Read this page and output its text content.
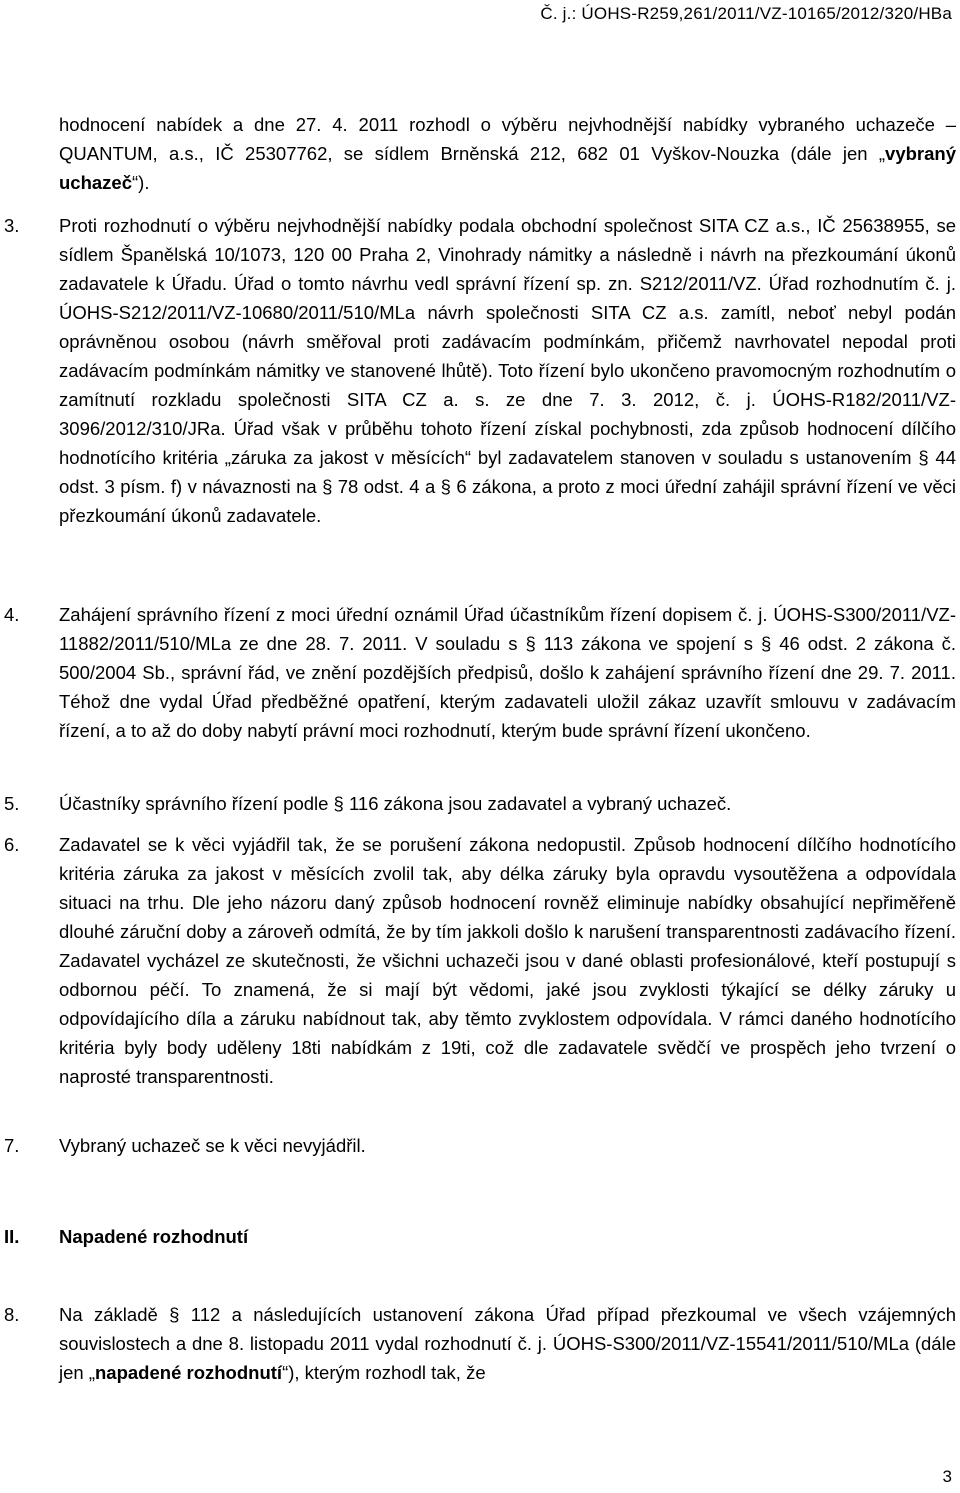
Č. j.: ÚOHS-R259,261/2011/VZ-10165/2012/320/HBa

hodnocení nabídek a dne 27. 4. 2011 rozhodl o výběru nejvhodnější nabídky vybraného uchazeče – QUANTUM, a.s., IČ 25307762, se sídlem Brněnská 212, 682 01 Vyškov-Nouzka (dále jen „vybraný uchazeč“).

3. Proti rozhodnutí o výběru nejvhodnější nabídky podala obchodní společnost SITA CZ a.s., IČ 25638955, se sídlem Španělská 10/1073, 120 00 Praha 2, Vinohrady námitky a následně i návrh na přezkoumání úkonů zadavatele k Úřadu. Úřad o tomto návrhu vedl správní řízení sp. zn. S212/2011/VZ. Úřad rozhodnutím č. j. ÚOHS-S212/2011/VZ-10680/2011/510/MLa návrh společnosti SITA CZ a.s. zamítl, neboť nebyl podán oprávněnou osobou (návrh směřoval proti zadávacím podmínkám, přičemž navrhovatel nepodal proti zadávacím podmínkám námitky ve stanovené lhůtě). Toto řízení bylo ukončeno pravomocným rozhodnutím o zamítnutí rozkladu společnosti SITA CZ a. s. ze dne 7. 3. 2012, č. j. ÚOHS-R182/2011/VZ-3096/2012/310/JRa. Úřad však v průběhu tohoto řízení získal pochybnosti, zda způsob hodnocení dílčího hodnotícího kritéria „záruka za jakost v měsících“ byl zadavatelem stanoven v souladu s ustanovením § 44 odst. 3 písm. f) v návaznosti na § 78 odst. 4 a § 6 zákona, a proto z moci úřední zahájil správní řízení ve věci přezkoumání úkonů zadavatele.

4. Zahájení správního řízení z moci úřední oznámil Úřad účastníkům řízení dopisem č. j. ÚOHS-S300/2011/VZ-11882/2011/510/MLa ze dne 28. 7. 2011. V souladu s § 113 zákona ve spojení s § 46 odst. 2 zákona č. 500/2004 Sb., správní řád, ve znění pozdějších předpisů, došlo k zahájení správního řízení dne 29. 7. 2011. Téhož dne vydal Úřad předběžné opatření, kterým zadavateli uložil zákaz uzavřít smlouvu v zadávacím řízení, a to až do doby nabytí právní moci rozhodnutí, kterým bude správní řízení ukončeno.

5. Účastníky správního řízení podle § 116 zákona jsou zadavatel a vybraný uchazeč.

6. Zadavatel se k věci vyjádřil tak, že se porušení zákona nedopustil. Způsob hodnocení dílčího hodnotícího kritéria záruka za jakost v měsících zvolil tak, aby délka záruky byla opravdu vysoutěžena a odpovídala situaci na trhu. Dle jeho názoru daný způsob hodnocení rovněž eliminuje nabídky obsahující nepřiměřeně dlouhé záruční doby a zároveň odmítá, že by tím jakkoli došlo k narušení transparentnosti zadávacího řízení. Zadavatel vycházel ze skutečnosti, že všichni uchazeči jsou v dané oblasti profesionálové, kteří postupují s odbornou péčí. To znamená, že si mají být vědomi, jaké jsou zvyklosti týkající se délky záruky u odpovídajícího díla a záruku nabídnout tak, aby těmto zvyklostem odpovídala. V rámci daného hodnotícího kritéria byly body uděleny 18ti nabídkám z 19ti, což dle zadavatele svědčí ve prospěch jeho tvrzení o naprosté transparentnosti.

7. Vybraný uchazeč se k věci nevyjádřil.

II. Napadené rozhodnutí

8. Na základě § 112 a následujících ustanovení zákona Úřad případ přezkoumal ve všech vzájemných souvislostech a dne 8. listopadu 2011 vydal rozhodnutí č. j. ÚOHS-S300/2011/VZ-15541/2011/510/MLa (dále jen „napadené rozhodnutí“), kterým rozhodl tak, že

3
